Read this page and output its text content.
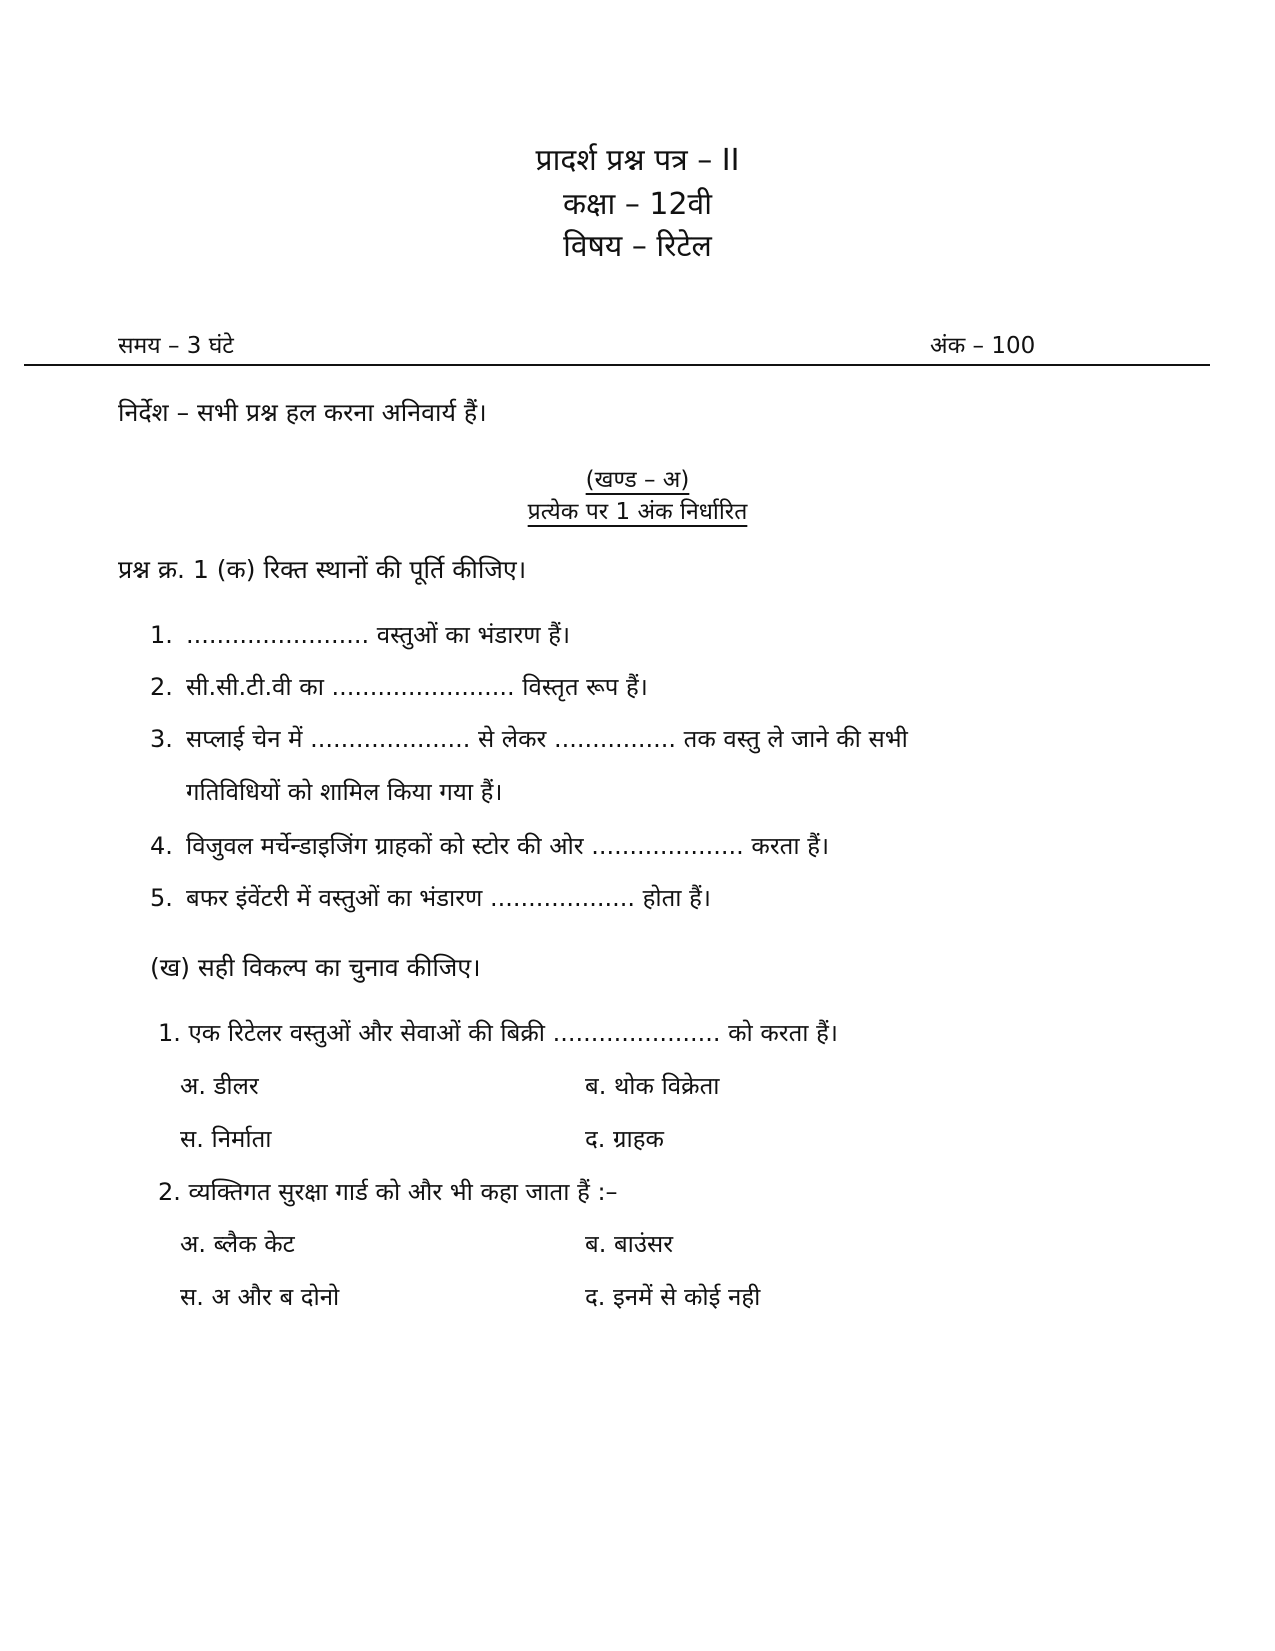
प्रादर्श प्रश्न पत्र – II
कक्षा – 12वी
विषय – रिटेल
समय – 3 घंटे	अंक – 100
निर्देश – सभी प्रश्न हल करना अनिवार्य हैं।
(खण्ड – अ)
प्रत्येक पर 1 अंक निर्धारित
प्रश्न क्र. 1 (क) रिक्त स्थानों की पूर्ति कीजिए।
1. ........................ वस्तुओं का भंडारण हैं।
2. सी.सी.टी.वी का ........................ विस्तृत रूप हैं।
3. सप्लाई चेन में ..................... से लेकर ................ तक वस्तु ले जाने की सभी
गतिविधियों को शामिल किया गया हैं।
4. विजुवल मर्चेन्डाइजिंग ग्राहकों को स्टोर की ओर .................... करता हैं।
5. बफर इंवेंटरी में वस्तुओं का भंडारण ................... होता हैं।
(ख) सही विकल्प का चुनाव कीजिए।
1. एक रिटेलर वस्तुओं और सेवाओं की बिक्री ...................... को करता हैं।
अ. डीलर	ब. थोक विक्रेता
स. निर्माता	द. ग्राहक
2. व्यक्तिगत सुरक्षा गार्ड को और भी कहा जाता हैं :–
अ. ब्लैक केट	ब. बाउंसर
स. अ और ब दोनो	द. इनमें से कोई नही
